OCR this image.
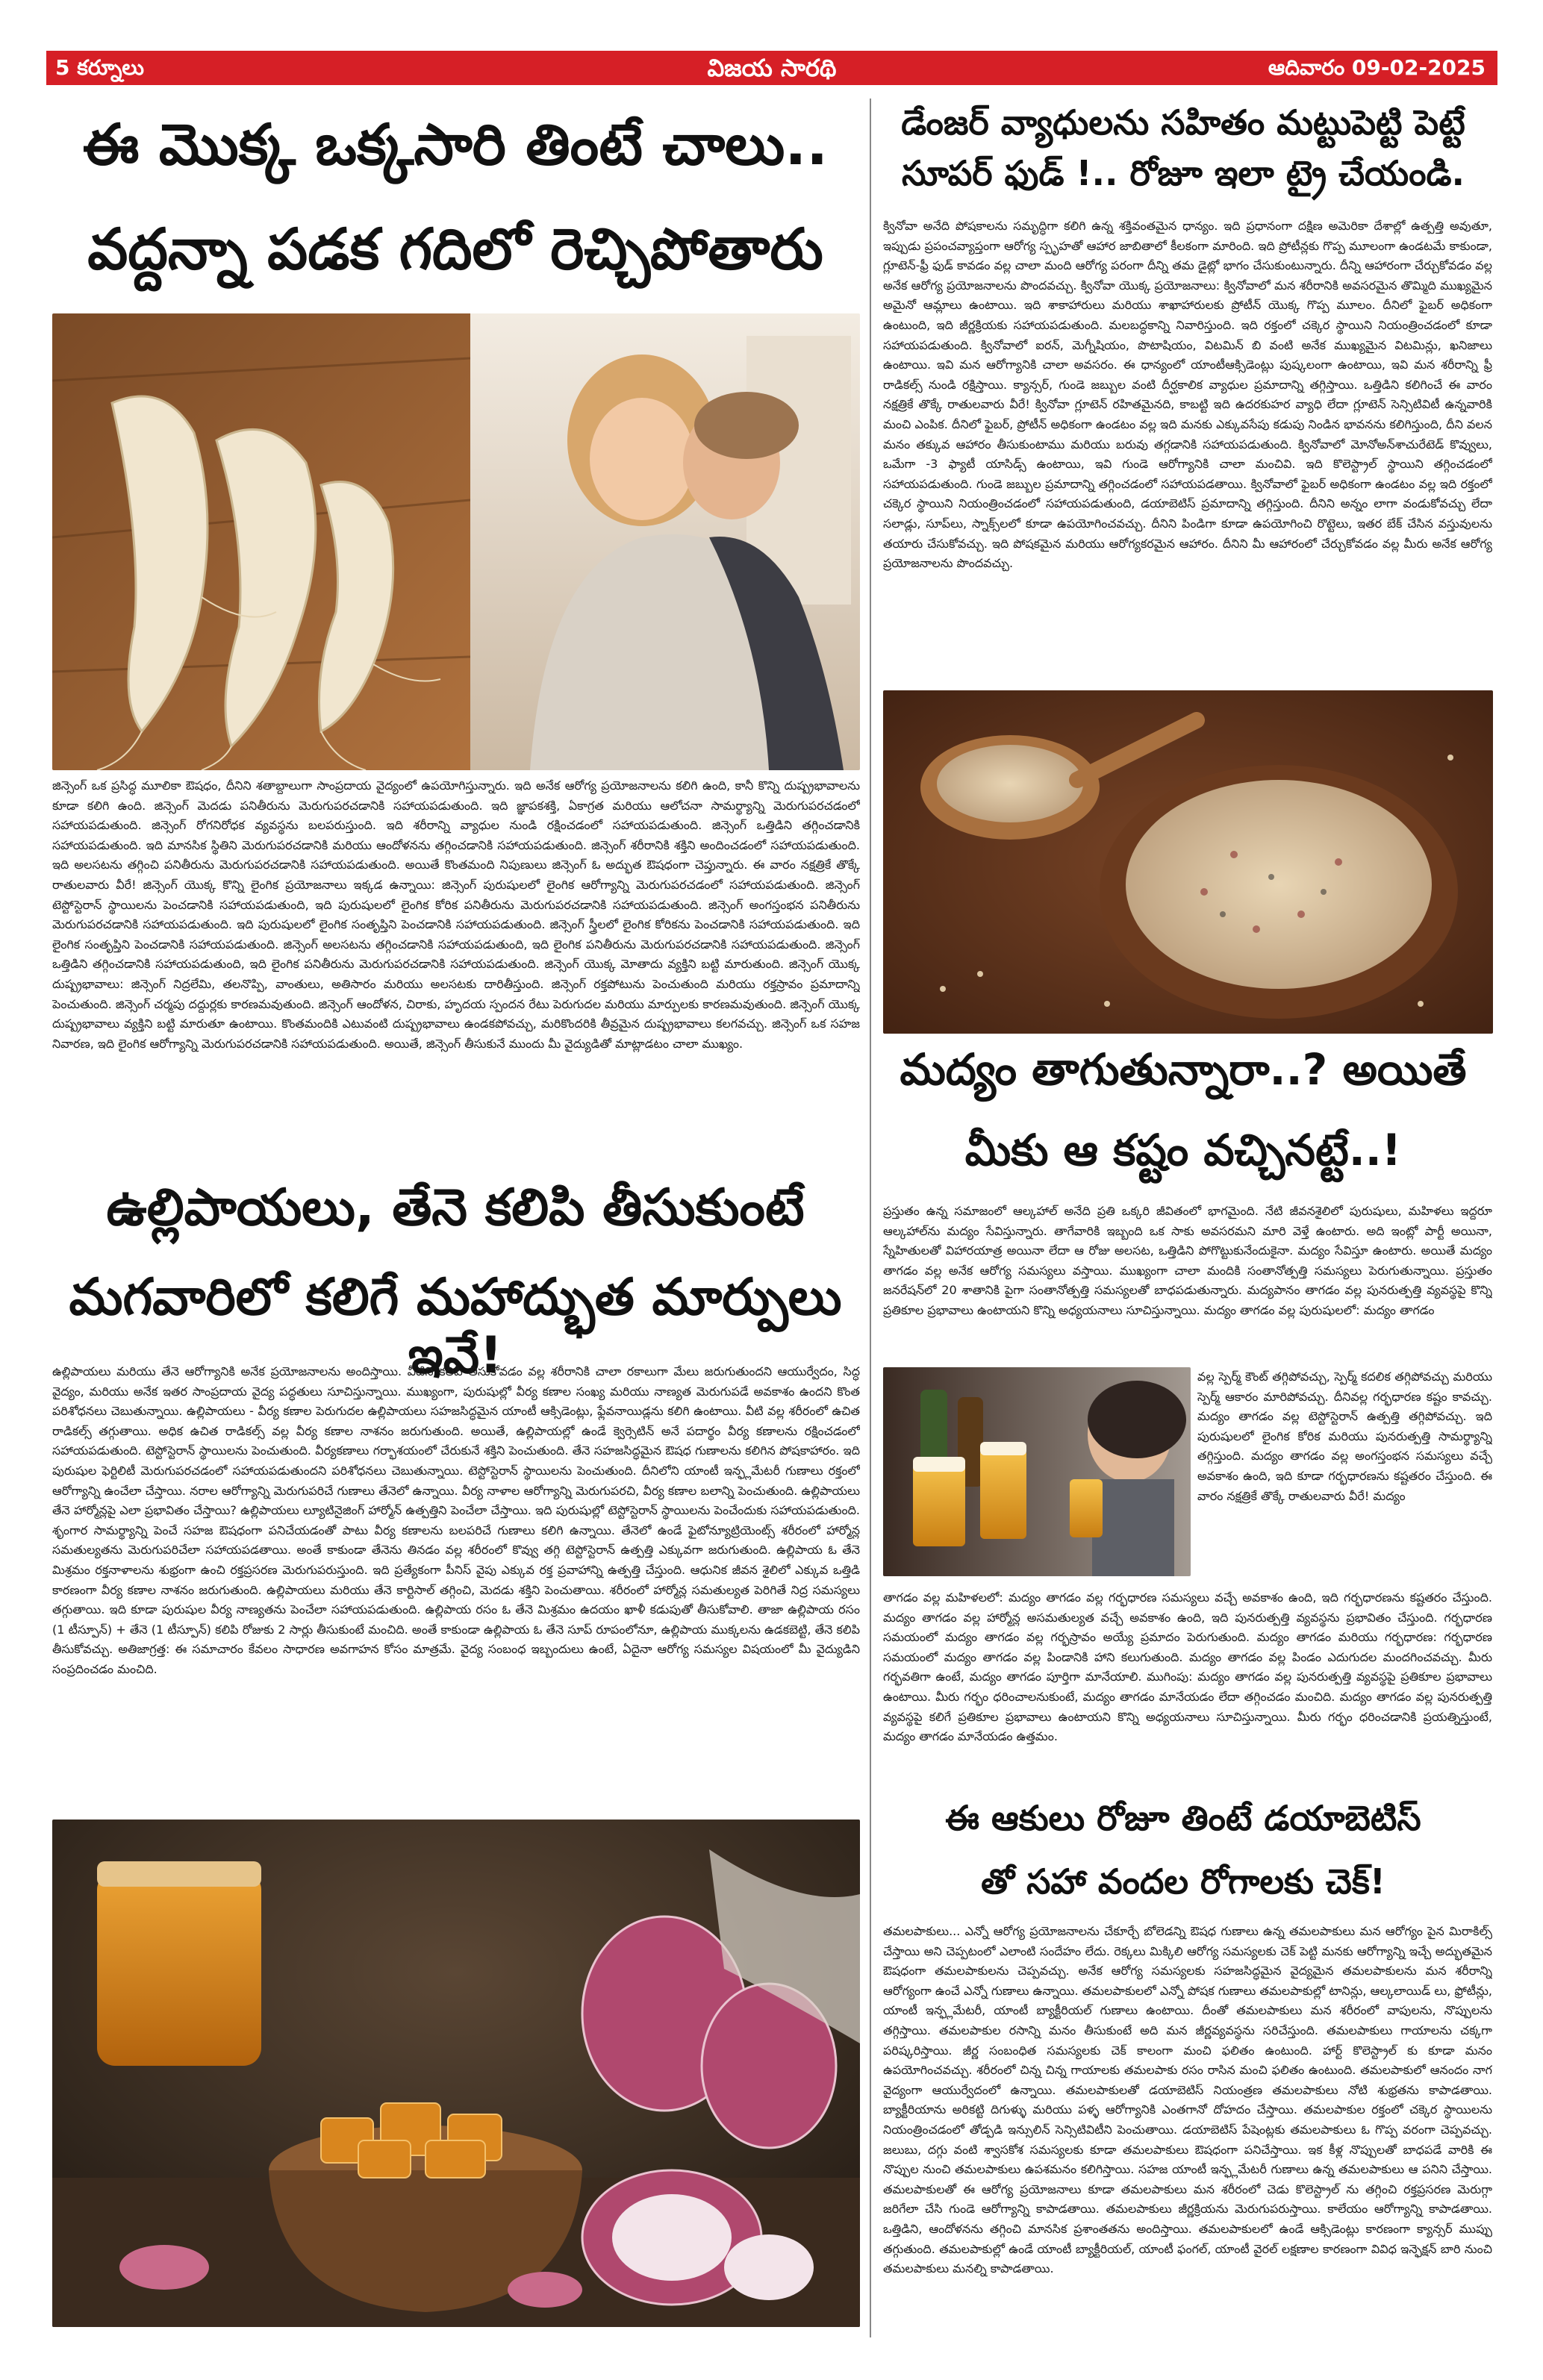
5 కర్నూలు	విజయ సారథి	ఆదివారం 09-02-2025
ఈ మొక్క ఒక్కసారి తింటే చాలు..
వద్దన్నా పడక గదిలో రెచ్చిపోతారు

జిన్సెంగ్ ఒక ప్రసిద్ధ మూలికా ఔషధం, దీనిని శతాబ్దాలుగా సాంప్రదాయ వైద్యంలో ఉపయోగిస్తున్నారు. ఇది అనేక ఆరోగ్య ప్రయోజనాలను కలిగి ఉంది, కానీ కొన్ని దుష్ప్రభావాలను కూడా కలిగి ఉంది. జిన్సెంగ్ మెదడు పనితీరును మెరుగుపరచడానికి సహాయపడుతుంది. ఇది జ్ఞాపకశక్తి, ఏకాగ్రత మరియు ఆలోచనా సామర్థ్యాన్ని మెరుగుపరచడంలో సహాయపడుతుంది. జిన్సెంగ్ రోగనిరోధక వ్యవస్థను బలపరుస్తుంది. ఇది శరీరాన్ని వ్యాధుల నుండి రక్షించడంలో సహాయపడుతుంది. జిన్సెంగ్ ఒత్తిడిని తగ్గించడానికి సహాయపడుతుంది. ఇది మానసిక స్థితిని మెరుగుపరచడానికి మరియు ఆందోళనను తగ్గించడానికి సహాయపడుతుంది. జిన్సెంగ్ శరీరానికి శక్తిని అందించడంలో సహాయపడుతుంది. ఇది అలసటను తగ్గించి పనితీరును మెరుగుపరచడానికి సహాయపడుతుంది. అయితే కొంతమంది నిపుణులు జిన్సెంగ్ ఓ అద్భుత ఔషధంగా చెప్తున్నారు. ఈ వారం నక్షత్రికే తొక్కే రాతులవారు వీరే! జిన్సెంగ్ యొక్క కొన్ని లైంగిక ప్రయోజనాలు ఇక్కడ ఉన్నాయి: జిన్సెంగ్ పురుషులలో లైంగిక ఆరోగ్యాన్ని మెరుగుపరచడంలో సహాయపడుతుంది. జిన్సెంగ్ టెస్టోస్టెరాన్ స్థాయిలను పెంచడానికి సహాయపడుతుంది, ఇది పురుషులలో లైంగిక కోరిక పనితీరును మెరుగుపరచడానికి సహాయపడుతుంది. జిన్సెంగ్ అంగస్తంభన పనితీరును మెరుగుపరచడానికి సహాయపడుతుంది. ఇది పురుషులలో లైంగిక సంతృప్తిని పెంచడానికి సహాయపడుతుంది. జిన్సెంగ్ స్త్రీలలో లైంగిక కోరికను పెంచడానికి సహాయపడుతుంది. ఇది లైంగిక సంతృప్తిని పెంచడానికి సహాయపడుతుంది. జిన్సెంగ్ అలసటను తగ్గించడానికి సహాయపడుతుంది, ఇది లైంగిక పనితీరును మెరుగుపరచడానికి సహాయపడుతుంది. జిన్సెంగ్ ఒత్తిడిని తగ్గించడానికి సహాయపడుతుంది, ఇది లైంగిక పనితీరును మెరుగుపరచడానికి సహాయపడుతుంది. జిన్సెంగ్ యొక్క మోతాదు వ్యక్తిని బట్టి మారుతుంది. జిన్సెంగ్ యొక్క దుష్ప్రభావాలు: జిన్సెంగ్ నిద్రలేమి, తలనొప్పి, వాంతులు, అతిసారం మరియు అలసటకు దారితీస్తుంది. జిన్సెంగ్ రక్తపోటును పెంచుతుంది మరియు రక్తస్రావం ప్రమాదాన్ని పెంచుతుంది. జిన్సెంగ్ చర్మపు దద్దుర్లకు కారణమవుతుంది. జిన్సెంగ్ ఆందోళన, చిరాకు, హృదయ స్పందన రేటు పెరుగుదల మరియు మార్పులకు కారణమవుతుంది. జిన్సెంగ్ యొక్క దుష్ప్రభావాలు వ్యక్తిని బట్టి మారుతూ ఉంటాయి. కొంతమందికి ఎటువంటి దుష్ప్రభావాలు ఉండకపోవచ్చు, మరికొందరికి తీవ్రమైన దుష్ప్రభావాలు కలగవచ్చు. జిన్సెంగ్ ఒక సహజ నివారణ, ఇది లైంగిక ఆరోగ్యాన్ని మెరుగుపరచడానికి సహాయపడుతుంది. అయితే, జిన్సెంగ్ తీసుకునే ముందు మీ వైద్యుడితో మాట్లాడటం చాలా ముఖ్యం.

ఉల్లిపాయలు, తేనె కలిపి తీసుకుంటే
మగవారిలో కలిగే మహాద్భుత మార్పులు ఇవే!

ఉల్లిపాయలు మరియు తేనె ఆరోగ్యానికి అనేక ప్రయోజనాలను అందిస్తాయి. వీటిని కలిపి తీసుకోవడం వల్ల శరీరానికి చాలా రకాలుగా మేలు జరుగుతుందని ఆయుర్వేదం, సిద్ధ వైద్యం, మరియు అనేక ఇతర సాంప్రదాయ వైద్య పద్ధతులు సూచిస్తున్నాయి. ముఖ్యంగా, పురుషుల్లో వీర్య కణాల సంఖ్య మరియు నాణ్యత మెరుగుపడే అవకాశం ఉందని కొంత పరిశోధనలు చెబుతున్నాయి. ఉల్లిపాయలు - వీర్య కణాల పెరుగుదల ఉల్లిపాయలు సహజసిద్ధమైన యాంటీ ఆక్సిడెంట్లు, ఫ్లేవనాయిడ్లను కలిగి ఉంటాయి. వీటి వల్ల శరీరంలో ఉచిత రాడికల్స్ తగ్గుతాయి. అధిక ఉచిత రాడికల్స్ వల్ల వీర్య కణాల నాశనం జరుగుతుంది. అయితే, ఉల్లిపాయల్లో ఉండే క్వెర్సెటిన్ అనే పదార్థం వీర్య కణాలను రక్షించడంలో సహాయపడుతుంది. టెస్టోస్టెరాన్ స్థాయిలను పెంచుతుంది. వీర్యకణాలు గర్భాశయంలో చేరుకునే శక్తిని పెంచుతుంది. తేనె సహజసిద్ధమైన ఔషధ గుణాలను కలిగిన పోషకాహారం. ఇది పురుషుల ఫెర్టిలిటీ మెరుగుపరచడంలో సహాయపడుతుందని పరిశోధనలు చెబుతున్నాయి. టెస్టోస్టెరాన్ స్థాయిలను పెంచుతుంది. దీనిలోని యాంటీ ఇన్ఫ్లమేటరీ గుణాలు రక్తంలో ఆరోగ్యాన్ని ఉంచేలా చేస్తాయి. నరాల ఆరోగ్యాన్ని మెరుగుపరిచే గుణాలు తేనెలో ఉన్నాయి. వీర్య నాళాల ఆరోగ్యాన్ని మెరుగుపరచి, వీర్య కణాల బలాన్ని పెంచుతుంది. ఉల్లిపాయలు తేనె హార్మోన్లపై ఎలా ప్రభావితం చేస్తాయి? ఉల్లిపాయలు ల్యూటినైజింగ్ హార్మోన్ ఉత్పత్తిని పెంచేలా చేస్తాయి. ఇది పురుషుల్లో టెస్టోస్టెరాన్ స్థాయిలను పెంచేందుకు సహాయపడుతుంది. శృంగార సామర్థ్యాన్ని పెంచే సహజ ఔషధంగా పనిచేయడంతో పాటు వీర్య కణాలను బలపరిచే గుణాలు కలిగి ఉన్నాయి. తేనెలో ఉండే ఫైటోన్యూట్రియెంట్స్ శరీరంలో హార్మోన్ల సమతుల్యతను మెరుగుపరిచేలా సహాయపడతాయి. అంతే కాకుండా తేనెను తినడం వల్ల శరీరంలో కొవ్వు తగ్గి టెస్టోస్టెరాన్ ఉత్పత్తి ఎక్కువగా జరుగుతుంది. ఉల్లిపాయ ఓ తేనె మిశ్రమం రక్తనాళాలను శుభ్రంగా ఉంచి రక్తప్రసరణ మెరుగుపరుస్తుంది. ఇది ప్రత్యేకంగా పీనిస్ వైపు ఎక్కువ రక్త ప్రవాహాన్ని ఉత్పత్తి చేస్తుంది. ఆధునిక జీవన శైలిలో ఎక్కువ ఒత్తిడి కారణంగా వీర్య కణాల నాశనం జరుగుతుంది. ఉల్లిపాయలు మరియు తేనె కార్టిసాల్ తగ్గించి, మెదడు శక్తిని పెంచుతాయి. శరీరంలో హార్మోన్ల సమతుల్యత పెరిగితే నిద్ర సమస్యలు తగ్గుతాయి. ఇది కూడా పురుషుల వీర్య నాణ్యతను పెంచేలా సహాయపడుతుంది. ఉల్లిపాయ రసం ఓ తేనె మిశ్రమం ఉదయం ఖాళీ కడుపుతో తీసుకోవాలి. తాజా ఉల్లిపాయ రసం (1 టీస్పూన్) + తేనె (1 టీస్పూన్) కలిపి రోజుకు 2 సార్లు తీసుకుంటే మంచిది. అంతే కాకుండా ఉల్లిపాయ ఓ తేనె సూప్ రూపంలోనూ, ఉల్లిపాయ ముక్కలను ఉడకబెట్టి, తేనె కలిపి తీసుకోవచ్చు. అతిజాగ్రత్త: ఈ సమాచారం కేవలం సాధారణ అవగాహన కోసం మాత్రమే. వైద్య సంబంధ ఇబ్బందులు ఉంటే, ఏదైనా ఆరోగ్య సమస్యల విషయంలో మీ వైద్యుడిని సంప్రదించడం మంచిది.

డేంజర్ వ్యాధులను సహితం మట్టుపెట్టి పెట్టే
సూపర్ ఫుడ్ !.. రోజూ ఇలా ట్రై చేయండి.

క్వినోవా అనేది పోషకాలను సమృద్ధిగా కలిగి ఉన్న శక్తివంతమైన ధాన్యం. ఇది ప్రధానంగా దక్షిణ అమెరికా దేశాల్లో ఉత్పత్తి అవుతూ, ఇప్పుడు ప్రపంచవ్యాప్తంగా ఆరోగ్య స్పృహతో ఆహార జాబితాలో కీలకంగా మారింది. ఇది ప్రోటీన్లకు గొప్ప మూలంగా ఉండటమే కాకుండా, గ్లూటెన్-ఫ్రీ ఫుడ్ కావడం వల్ల చాలా మంది ఆరోగ్య పరంగా దీన్ని తమ డైట్లో భాగం చేసుకుంటున్నారు. దీన్ని ఆహారంగా చేర్చుకోవడం వల్ల అనేక ఆరోగ్య ప్రయోజనాలను పొందవచ్చు. క్వినోవా యొక్క ప్రయోజనాలు: క్వినోవాలో మన శరీరానికి అవసరమైన తొమ్మిది ముఖ్యమైన అమైనో ఆమ్లాలు ఉంటాయి. ఇది శాకాహారులు మరియు శాఖాహారులకు ప్రోటీన్ యొక్క గొప్ప మూలం. దీనిలో ఫైబర్ అధికంగా ఉంటుంది, ఇది జీర్ణక్రియకు సహాయపడుతుంది. మలబద్ధకాన్ని నివారిస్తుంది. ఇది రక్తంలో చక్కెర స్థాయిని నియంత్రించడంలో కూడా సహాయపడుతుంది. క్వినోవాలో ఐరన్, మెగ్నీషియం, పొటాషియం, విటమిన్ బి వంటి అనేక ముఖ్యమైన విటమిన్లు, ఖనిజాలు ఉంటాయి. ఇవి మన ఆరోగ్యానికి చాలా అవసరం. ఈ ధాన్యంలో యాంటీఆక్సిడెంట్లు పుష్కలంగా ఉంటాయి, ఇవి మన శరీరాన్ని ఫ్రీ రాడికల్స్ నుండి రక్షిస్తాయి. క్యాన్సర్, గుండె జబ్బుల వంటి దీర్ఘకాలిక వ్యాధుల ప్రమాదాన్ని తగ్గిస్తాయి. ఒత్తిడిని కలిగించే ఈ వారం నక్షత్రికే తొక్కే రాతులవారు వీరే! క్వినోవా గ్లూటెన్ రహితమైనది, కాబట్టి ఇది ఉదరకుహర వ్యాధి లేదా గ్లూటెన్ సెన్సిటివిటీ ఉన్నవారికి మంచి ఎంపిక. దీనిలో ఫైబర్, ప్రోటీన్ అధికంగా ఉండటం వల్ల ఇది మనకు ఎక్కువసేపు కడుపు నిండిన భావనను కలిగిస్తుంది, దీని వలన మనం తక్కువ ఆహారం తీసుకుంటాము మరియు బరువు తగ్గడానికి సహాయపడుతుంది. క్వినోవాలో మోనోఅన్‌శాచురేటెడ్ కొవ్వులు, ఒమేగా -3 ఫ్యాటీ యాసిడ్స్ ఉంటాయి, ఇవి గుండె ఆరోగ్యానికి చాలా మంచివి. ఇది కొలెస్ట్రాల్ స్థాయిని తగ్గించడంలో సహాయపడుతుంది. గుండె జబ్బుల ప్రమాదాన్ని తగ్గించడంలో సహాయపడతాయి. క్వినోవాలో ఫైబర్ అధికంగా ఉండటం వల్ల ఇది రక్తంలో చక్కెర స్థాయిని నియంత్రించడంలో సహాయపడుతుంది, డయాబెటిస్ ప్రమాదాన్ని తగ్గిస్తుంది. దీనిని అన్నం లాగా వండుకోవచ్చు లేదా సలాడ్లు, సూప్‌లు, స్నాక్స్‌లలో కూడా ఉపయోగించవచ్చు. దీనిని పిండిగా కూడా ఉపయోగించి రొట్టెలు, ఇతర బేక్ చేసిన వస్తువులను తయారు చేసుకోవచ్చు. ఇది పోషకమైన మరియు ఆరోగ్యకరమైన ఆహారం. దీనిని మీ ఆహారంలో చేర్చుకోవడం వల్ల మీరు అనేక ఆరోగ్య ప్రయోజనాలను పొందవచ్చు.

మద్యం తాగుతున్నారా..? అయితే
మీకు ఆ కష్టం వచ్చినట్టే..!

ప్రస్తుతం ఉన్న సమాజంలో ఆల్కహాల్ అనేది ప్రతి ఒక్కరి జీవితంలో భాగమైంది. నేటి జీవనశైలిలో పురుషులు, మహిళలు ఇద్దరూ ఆల్కహాల్‌ను మద్యం సేవిస్తున్నారు. తాగేవారికి ఇబ్బంది ఒక సాకు అవసరమని మారి వెళ్తే ఉంటారు. అది ఇంట్లో పార్టీ అయినా, స్నేహితులతో విహారయాత్ర అయినా లేదా ఆ రోజు అలసట, ఒత్తిడిని పోగొట్టుకునేందుకైనా. మద్యం సేవిస్తూ ఉంటారు. అయితే మద్యం తాగడం వల్ల అనేక ఆరోగ్య సమస్యలు వస్తాయి. ముఖ్యంగా చాలా మందికి సంతానోత్పత్తి సమస్యలు పెరుగుతున్నాయి. ప్రస్తుతం జనరేషన్‌లో 20 శాతానికి పైగా సంతానోత్పత్తి సమస్యలతో బాధపడుతున్నారు. మద్యపానం తాగడం వల్ల పునరుత్పత్తి వ్యవస్థపై కొన్ని ప్రతికూల ప్రభావాలు ఉంటాయని కొన్ని అధ్యయనాలు సూచిస్తున్నాయి. మద్యం తాగడం వల్ల పురుషులలో: మద్యం తాగడం

వల్ల స్పెర్మ్ కౌంట్ తగ్గిపోవచ్చు, స్పెర్మ్ కదలిక తగ్గిపోవచ్చు మరియు స్పెర్మ్ ఆకారం మారిపోవచ్చు. దీనివల్ల గర్భధారణ కష్టం కావచ్చు. మద్యం తాగడం వల్ల టెస్టోస్టెరాన్ ఉత్పత్తి తగ్గిపోవచ్చు. ఇది పురుషులలో లైంగిక కోరిక మరియు పునరుత్పత్తి సామర్థ్యాన్ని తగ్గిస్తుంది. మద్యం తాగడం వల్ల అంగస్తంభన సమస్యలు వచ్చే అవకాశం ఉంది, ఇది కూడా గర్భధారణను కష్టతరం చేస్తుంది. ఈ వారం నక్షత్రికే తొక్కే రాతులవారు వీరే! మద్యం

తాగడం వల్ల మహిళలలో: మద్యం తాగడం వల్ల గర్భధారణ సమస్యలు వచ్చే అవకాశం ఉంది, ఇది గర్భధారణను కష్టతరం చేస్తుంది. మద్యం తాగడం వల్ల హార్మోన్ల అసమతుల్యత వచ్చే అవకాశం ఉంది, ఇది పునరుత్పత్తి వ్యవస్థను ప్రభావితం చేస్తుంది. గర్భధారణ సమయంలో మద్యం తాగడం వల్ల గర్భస్రావం అయ్యే ప్రమాదం పెరుగుతుంది. మద్యం తాగడం మరియు గర్భధారణ: గర్భధారణ సమయంలో మద్యం తాగడం వల్ల పిండానికి హాని కలుగుతుంది. మద్యం తాగడం వల్ల పిండం ఎదుగుదల మందగించవచ్చు. మీరు గర్భవతిగా ఉంటే, మద్యం తాగడం పూర్తిగా మానేయాలి. ముగింపు: మద్యం తాగడం వల్ల పునరుత్పత్తి వ్యవస్థపై ప్రతికూల ప్రభావాలు ఉంటాయి. మీరు గర్భం ధరించాలనుకుంటే, మద్యం తాగడం మానేయడం లేదా తగ్గించడం మంచిది. మద్యం తాగడం వల్ల పునరుత్పత్తి వ్యవస్థపై కలిగే ప్రతికూల ప్రభావాలు ఉంటాయని కొన్ని అధ్యయనాలు సూచిస్తున్నాయి. మీరు గర్భం ధరించడానికి ప్రయత్నిస్తుంటే, మద్యం తాగడం మానేయడం ఉత్తమం.

ఈ ఆకులు రోజూ తింటే డయాబెటిస్
తో సహా వందల రోగాలకు చెక్!

తమలపాకులు... ఎన్నో ఆరోగ్య ప్రయోజనాలను చేకూర్చే బోలెడన్ని ఔషధ గుణాలు ఉన్న తమలపాకులు మన ఆరోగ్యం పైన మిరాకిల్స్ చేస్తాయి అని చెప్పటంలో ఎలాంటి సందేహం లేదు. రెక్కలు మిక్కిలి ఆరోగ్య సమస్యలకు చెక్ పెట్టి మనకు ఆరోగ్యాన్ని ఇచ్చే అద్భుతమైన ఔషధంగా తమలపాకులను చెప్పవచ్చు. అనేక ఆరోగ్య సమస్యలకు సహజసిద్ధమైన వైద్యమైన తమలపాకులను మన శరీరాన్ని ఆరోగ్యంగా ఉంచే ఎన్నో గుణాలు ఉన్నాయి. తమలపాకులలో ఎన్నో పోషక గుణాలు తమలపాకుల్లో టానిన్లు, ఆల్కలాయిడ్ లు, ఫ్రోటీన్లు, యాంటీ ఇన్ఫ్లమేటరీ, యాంటీ బ్యాక్టీరియల్ గుణాలు ఉంటాయి. దీంతో తమలపాకులు మన శరీరంలో వాపులను, నొప్పులను తగ్గిస్తాయి. తమలపాకుల రసాన్ని మనం తీసుకుంటే అది మన జీర్ణవ్యవస్థను సరిచేస్తుంది. తమలపాకులు గాయాలను చక్కగా పరిష్కరిస్తాయి. జీర్ణ సంబంధిత సమస్యలకు చెక్ కాలంగా మంచి ఫలితం ఉంటుంది. హార్ట్ కొలెస్ట్రాల్ కు కూడా మనం ఉపయోగించవచ్చు. శరీరంలో చిన్న చిన్న గాయాలకు తమలపాకు రసం రాసిన మంచి ఫలితం ఉంటుంది. తమలపాకులో ఆనందం నాగ వైద్యంగా ఆయుర్వేదంలో ఉన్నాయి. తమలపాకులతో డయాబెటిస్ నియంత్రణ తమలపాకులు నోటి శుభ్రతను కాపాడతాయి. బ్యాక్టీరియాను అరికట్టి దిగుళ్ళు మరియు పళ్ళ ఆరోగ్యానికి ఎంతగానో దోహదం చేస్తాయి. తమలపాకుల రక్తంలో చక్కెర స్థాయిలను నియంత్రించడంలో తోడ్పడి ఇన్సులిన్ సెన్సిటివిటీని పెంచుతాయి. డయాబెటిస్ పేషెంట్లకు తమలపాకులు ఓ గొప్ప వరంగా చెప్పవచ్చు. జలుబు, దగ్గు వంటి శ్వాసకోశ సమస్యలకు కూడా తమలపాకులు ఔషధంగా పనిచేస్తాయి. ఇక కీళ్ల నొప్పులతో బాధపడే వారికి ఈ నొప్పుల నుంచి తమలపాకులు ఉపశమనం కలిగిస్తాయి. సహజ యాంటీ ఇన్ఫ్లమేటరీ గుణాలు ఉన్న తమలపాకులు ఆ పనిని చేస్తాయి. తమలపాకులతో ఈ ఆరోగ్య ప్రయోజనాలు కూడా తమలపాకులు మన శరీరంలో చెడు కొలెస్ట్రాల్ ను తగ్గించి రక్తప్రసరణ మెరుగ్గా జరిగేలా చేసి గుండె ఆరోగ్యాన్ని కాపాడతాయి. తమలపాకులు జీర్ణక్రియను మెరుగుపరుస్తాయి. కాలేయం ఆరోగ్యాన్ని కాపాడతాయి. ఒత్తిడిని, ఆందోళనను తగ్గించి మానసిక ప్రశాంతతను అందిస్తాయి. తమలపాకులలో ఉండే ఆక్సిడెంట్లు కారణంగా క్యాన్సర్ ముప్పు తగ్గుతుంది. తమలపాకుల్లో ఉండే యాంటీ బ్యాక్టీరియల్, యాంటీ ఫంగల్, యాంటీ వైరల్ లక్షణాల కారణంగా వివిధ ఇన్ఫెక్షన్ బారి నుంచి తమలపాకులు మనల్ని కాపాడతాయి.
